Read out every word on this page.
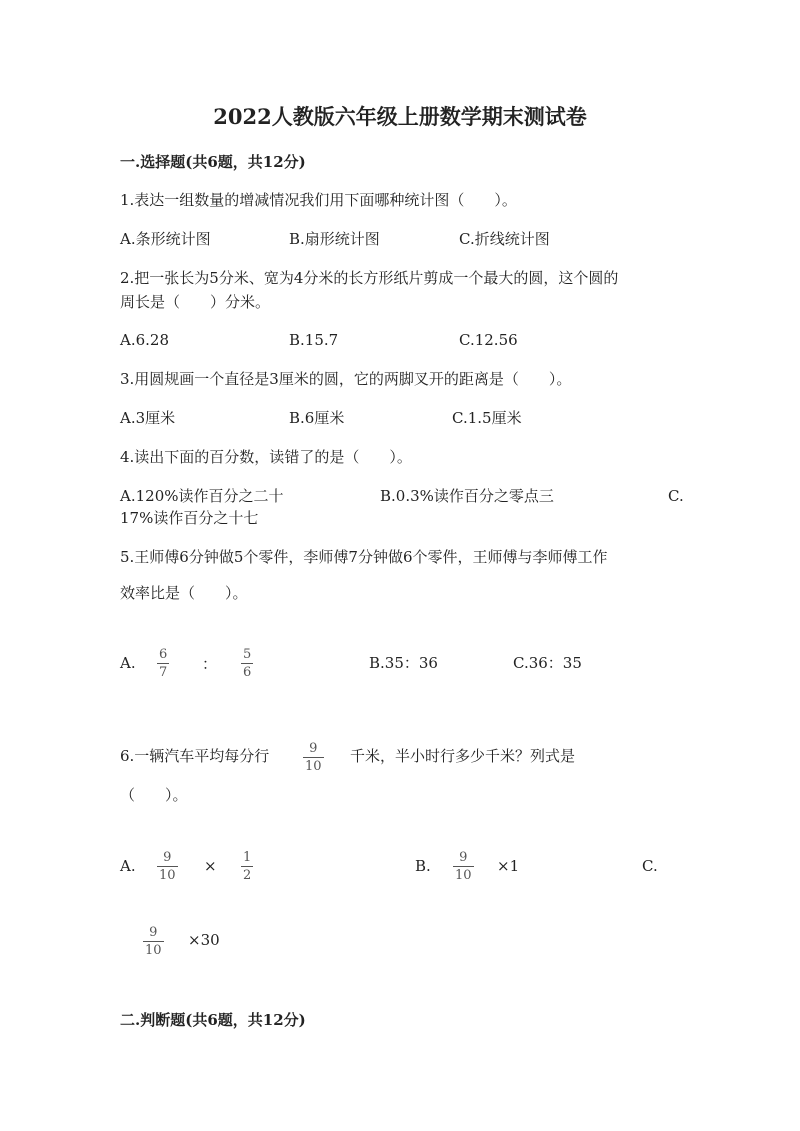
2022人教版六年级上册数学期末测试卷
一.选择题(共6题，共12分)
1.表达一组数量的增减情况我们用下面哪种统计图（　　）。
A.条形统计图	B.扇形统计图	C.折线统计图
2.把一张长为5分米、宽为4分米的长方形纸片剪成一个最大的圆，这个圆的
周长是（　　）分米。
A.6.28	B.15.7	C.12.56
3.用圆规画一个直径是3厘米的圆，它的两脚叉开的距离是（　　）。
A.3厘米	B.6厘米	C.1.5厘米
4.读出下面的百分数，读错了的是（　　）。
A.120%读作百分之二十	B.0.3%读作百分之零点三	C.
17%读作百分之十七
5.王师傅6分钟做5个零件，李师傅7分钟做6个零件，王师傅与李师傅工作
效率比是（　　）。
A. 6
7 ：
5
6
B.35：36	C.36：35
6.一辆汽车平均每分行	9
10
千米，半小时行多少千米？列式是
（　　）。
A. 9
10
× 1
2
B. 9
10
×1	C.
9
10
×30
二.判断题(共6题，共12分)
